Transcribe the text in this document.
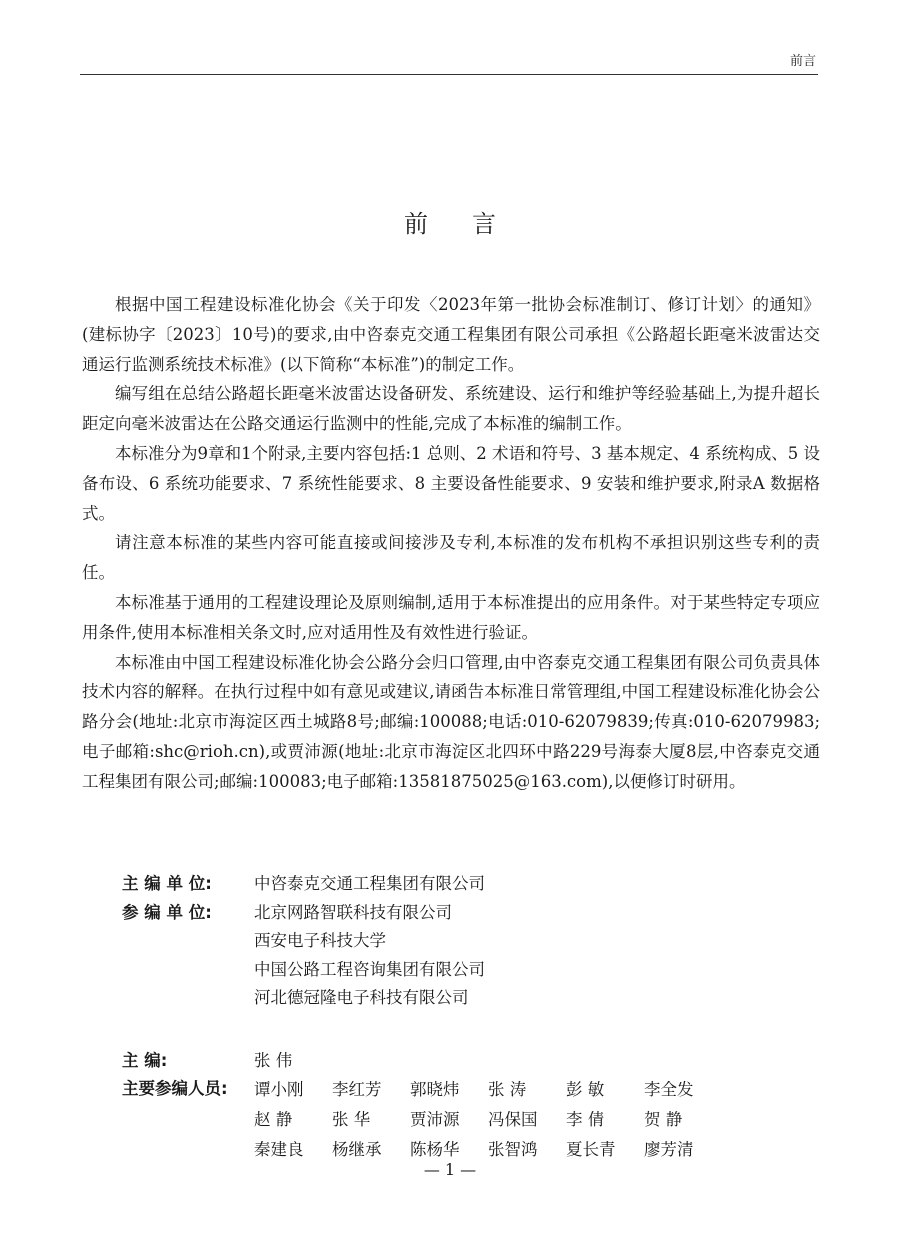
前言
前言

根据中国工程建设标准化协会《关于印发〈2023年第一批协会标准制订、修订计划〉的通知》(建标协字〔2023〕10号)的要求,由中咨泰克交通工程集团有限公司承担《公路超长距毫米波雷达交通运行监测系统技术标准》(以下简称“本标准”)的制定工作。

编写组在总结公路超长距毫米波雷达设备研发、系统建设、运行和维护等经验基础上,为提升超长距定向毫米波雷达在公路交通运行监测中的性能,完成了本标准的编制工作。

本标准分为9章和1个附录,主要内容包括:1 总则、2 术语和符号、3 基本规定、4 系统构成、5 设备布设、6 系统功能要求、7 系统性能要求、8 主要设备性能要求、9 安装和维护要求,附录A 数据格式。

请注意本标准的某些内容可能直接或间接涉及专利,本标准的发布机构不承担识别这些专利的责任。

本标准基于通用的工程建设理论及原则编制,适用于本标准提出的应用条件。对于某些特定专项应用条件,使用本标准相关条文时,应对适用性及有效性进行验证。

本标准由中国工程建设标准化协会公路分会归口管理,由中咨泰克交通工程集团有限公司负责具体技术内容的解释。在执行过程中如有意见或建议,请函告本标准日常管理组,中国工程建设标准化协会公路分会(地址:北京市海淀区西土城路8号;邮编:100088;电话:010-62079839;传真:010-62079983;电子邮箱:shc@rioh.cn),或贾沛源(地址:北京市海淀区北四环中路229号海泰大厦8层,中咨泰克交通工程集团有限公司;邮编:100083;电子邮箱:13581875025@163.com),以便修订时研用。

主 编 单 位:	中咨泰克交通工程集团有限公司
参 编 单 位:	北京网路智联科技有限公司
西安电子科技大学
中国公路工程咨询集团有限公司
河北德冠隆电子科技有限公司
主 编:	张 伟
主要参编人员:	谭小刚	李红芳	郭晓炜	张 涛	彭 敏	李全发
赵 静	张 华	贾沛源	冯保国	李 倩	贺 静
秦建良	杨继承	陈杨华	张智鸿	夏长青	廖芳清
— 1 —
